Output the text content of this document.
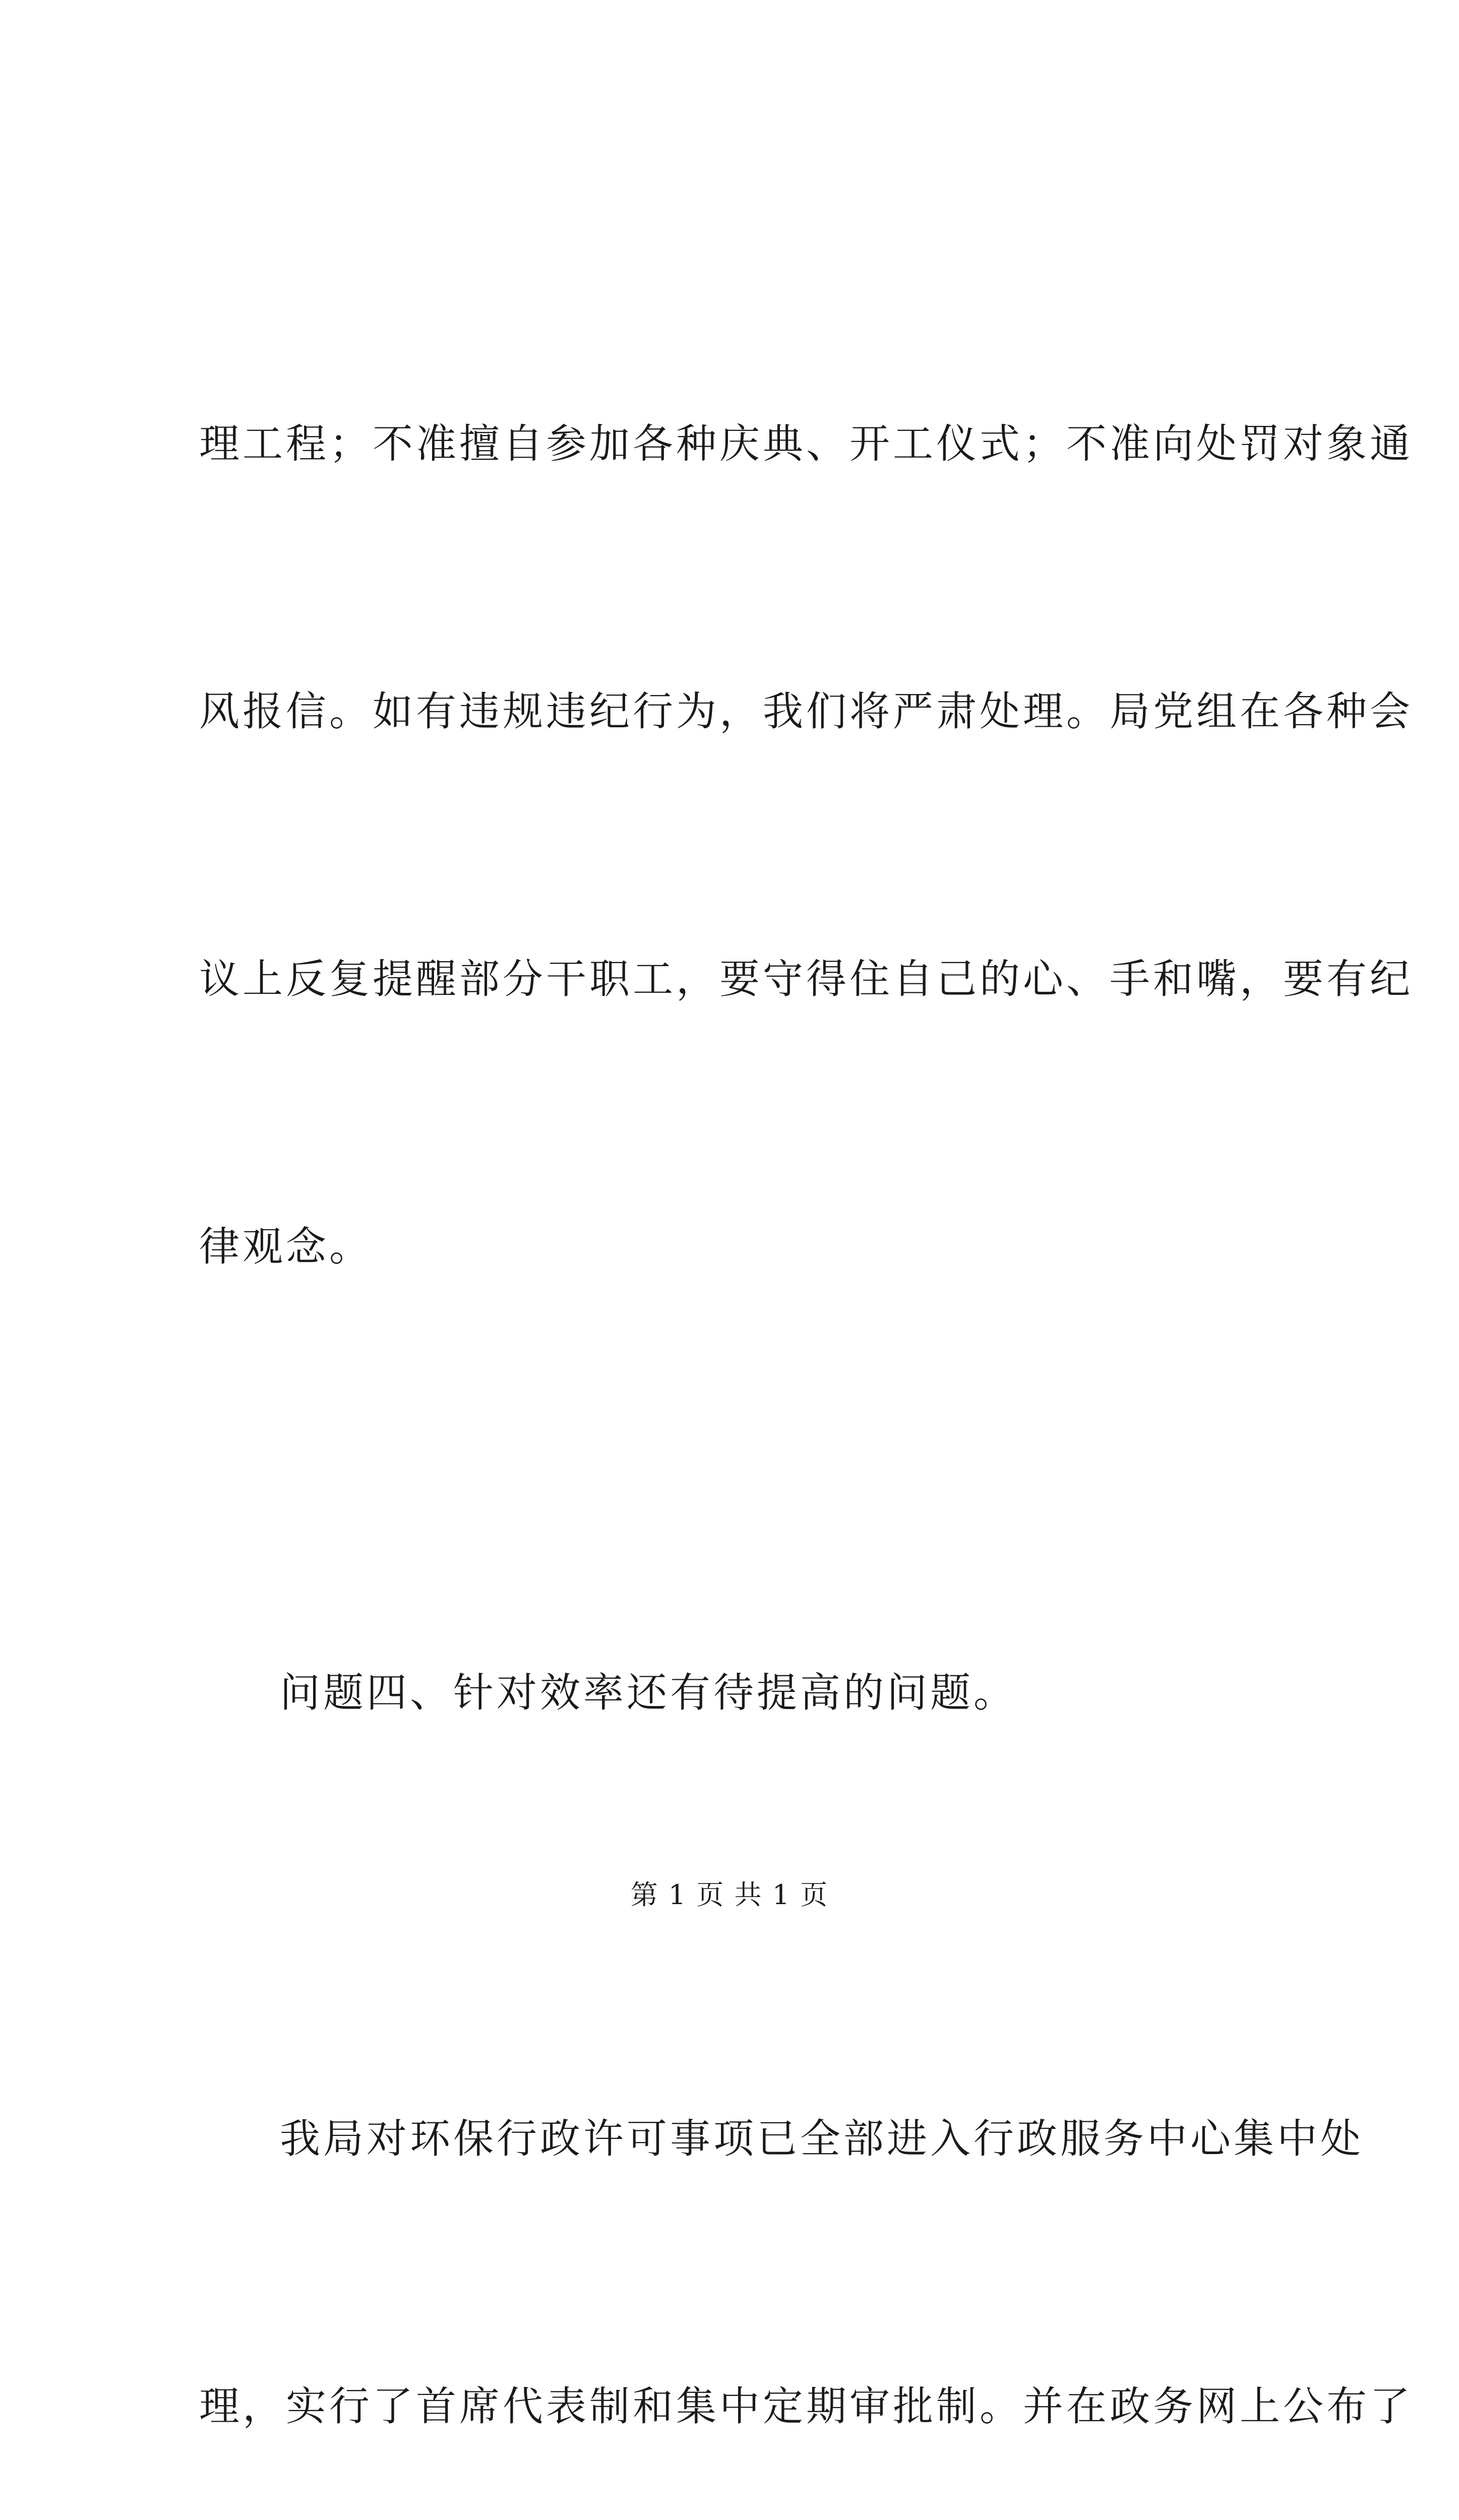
理工程；不准擅自参加各种庆典、开工仪式；不准向处罚对象通

风报信。如有违规违纪行为，我们将严肃处理。局党组在各种会

议上反复提醒部分干职工，要守得住自己的心、手和嘴，要有纪

律观念。

问题四、针对效率还有待提高的问题。

我局对环保行政许可事项已全部进入行政服务中心集中处

理，实行了首席代表制和集中定期审批制。并在政务网上公布了

第 1 页 共 1 页
